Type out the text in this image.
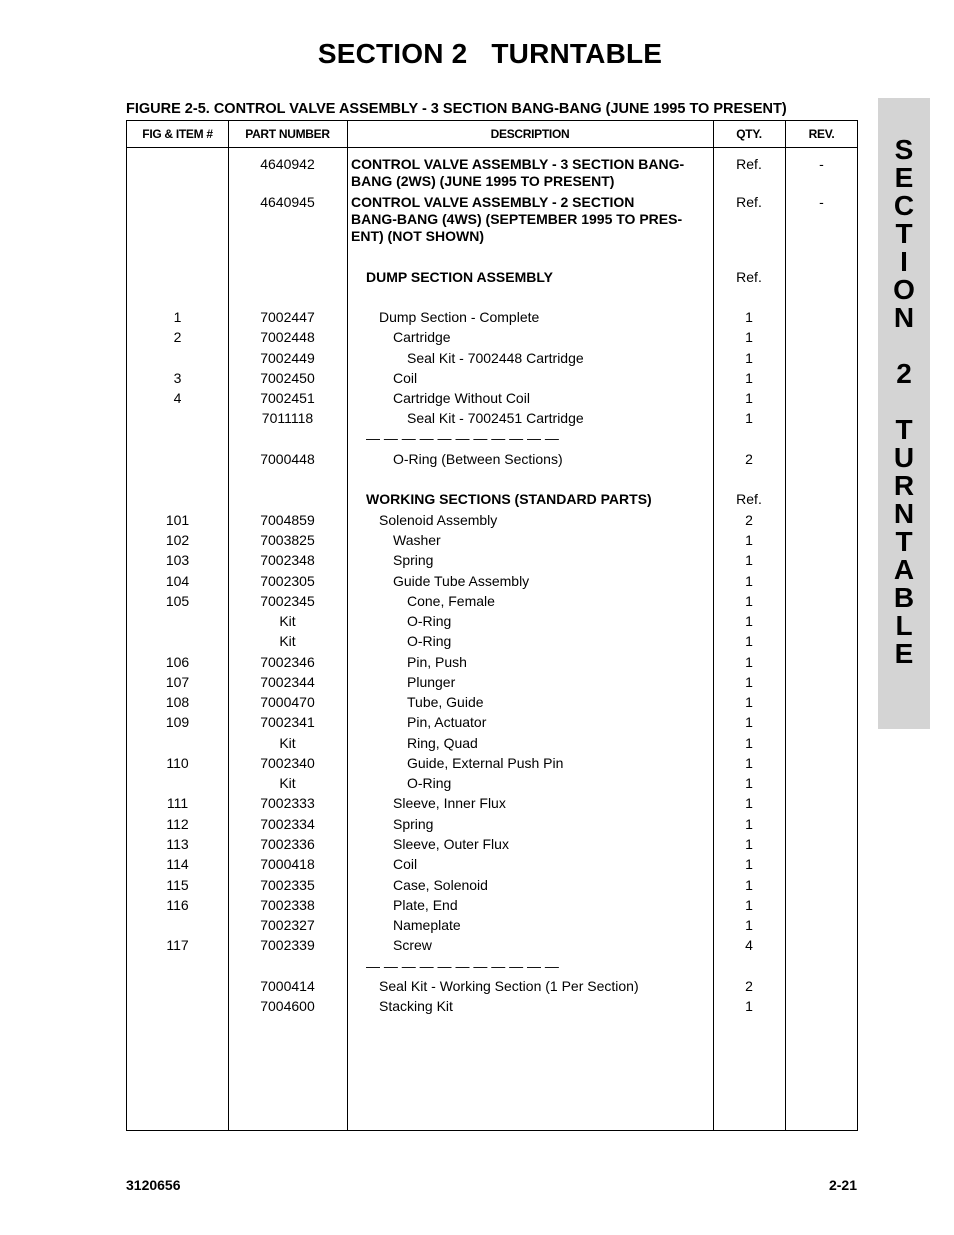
SECTION 2   TURNTABLE
FIGURE 2-5. CONTROL VALVE ASSEMBLY - 3 SECTION BANG-BANG (JUNE 1995 TO PRESENT)
FIG & ITEM #	PART NUMBER	DESCRIPTION	QTY.	REV.
4640942	CONTROL VALVE ASSEMBLY - 3 SECTION BANG-
BANG (2WS) (JUNE 1995 TO PRESENT)
Ref.	-
4640945	CONTROL VALVE ASSEMBLY - 2 SECTION
BANG-BANG (4WS) (SEPTEMBER 1995 TO PRES-
ENT) (NOT SHOWN)
Ref.	-
DUMP SECTION ASSEMBLY	Ref.
1	7002447	Dump Section - Complete	1
2	7002448	Cartridge	1
7002449	Seal Kit - 7002448 Cartridge	1
3	7002450	Coil	1
4	7002451	Cartridge Without Coil	1
7011118	Seal Kit - 7002451 Cartridge	1
— — — — — — — — — — —
7000448	O-Ring (Between Sections)	2
WORKING SECTIONS (STANDARD PARTS)	Ref.
101	7004859	Solenoid Assembly	2
102	7003825	Washer	1
103	7002348	Spring	1
104	7002305	Guide Tube Assembly	1
105	7002345	Cone, Female	1
Kit	O-Ring	1
Kit	O-Ring	1
106	7002346	Pin, Push	1
107	7002344	Plunger	1
108	7000470	Tube, Guide	1
109	7002341	Pin, Actuator	1
Kit	Ring, Quad	1
110	7002340	Guide, External Push Pin	1
Kit	O-Ring	1
111	7002333	Sleeve, Inner Flux	1
112	7002334	Spring	1
113	7002336	Sleeve, Outer Flux	1
114	7000418	Coil	1
115	7002335	Case, Solenoid	1
116	7002338	Plate, End	1
7002327	Nameplate	1
117	7002339	Screw	4
— — — — — — — — — — —
7000414	Seal Kit - Working Section (1 Per Section)	2
7004600	Stacking Kit	1
S
E
C
T
I
O
N
2
T
U
R
N
T
A
B
L
E
3120656	2-21
